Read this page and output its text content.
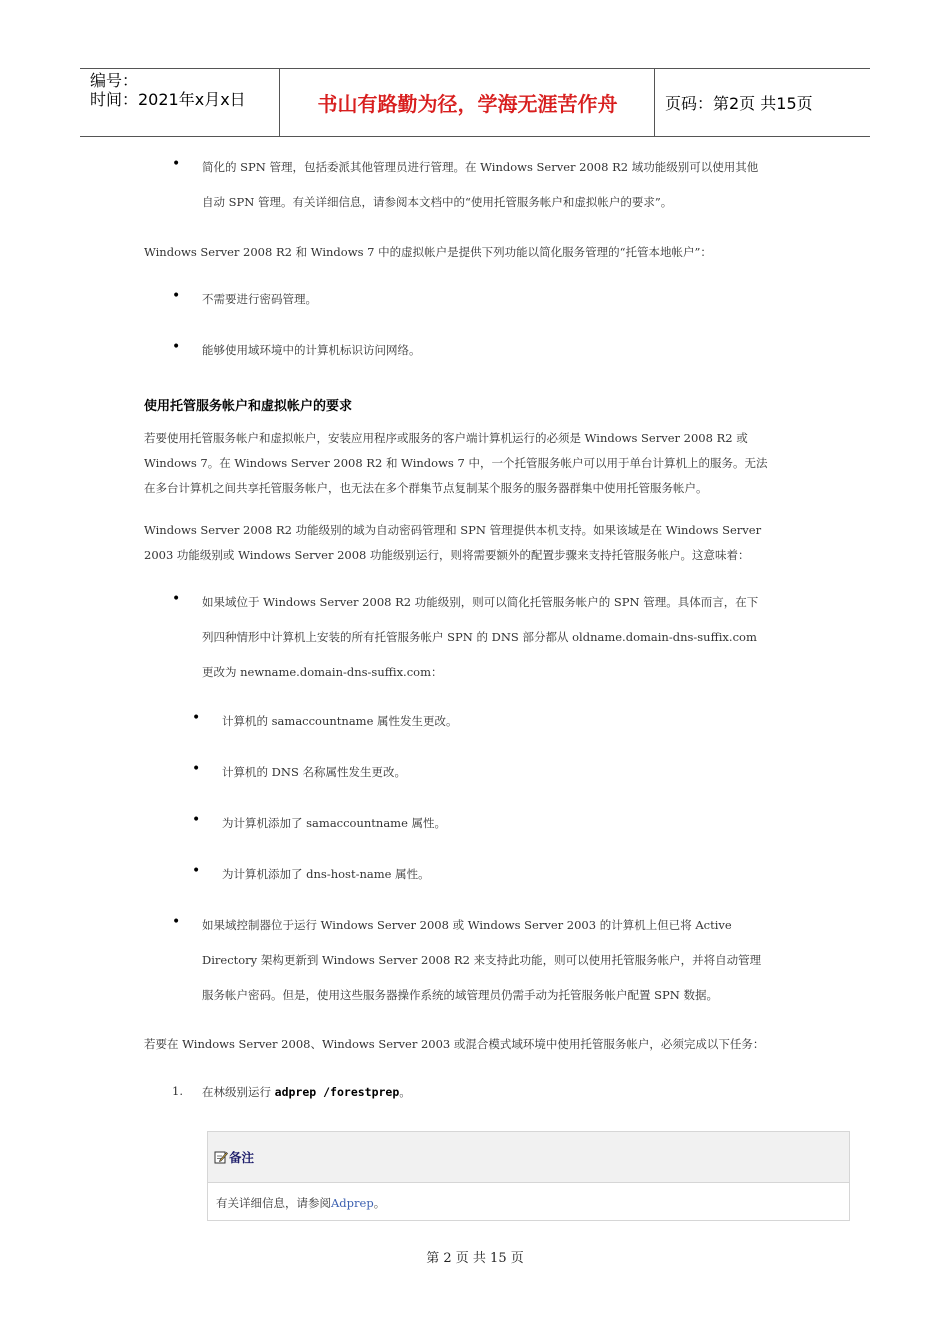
编号：
时间：2021年x月x日	书山有路勤为径，学海无涯苦作舟	页码：第2页 共15页
• 简化的 SPN 管理，包括委派其他管理员进行管理。在 Windows Server 2008 R2 域功能级别可以使用其他
自动 SPN 管理。有关详细信息，请参阅本文档中的“使用托管服务帐户和虚拟帐户的要求”。
Windows Server 2008 R2 和 Windows 7 中的虚拟帐户是提供下列功能以简化服务管理的“托管本地帐户”：
• 不需要进行密码管理。
• 能够使用域环境中的计算机标识访问网络。
使用托管服务帐户和虚拟帐户的要求
若要使用托管服务帐户和虚拟帐户，安装应用程序或服务的客户端计算机运行的必须是 Windows Server 2008 R2 或
Windows 7。在 Windows Server 2008 R2 和 Windows 7 中，一个托管服务帐户可以用于单台计算机上的服务。无法
在多台计算机之间共享托管服务帐户，也无法在多个群集节点复制某个服务的服务器群集中使用托管服务帐户。
Windows Server 2008 R2 功能级别的域为自动密码管理和 SPN 管理提供本机支持。如果该域是在 Windows Server
2003 功能级别或 Windows Server 2008 功能级别运行，则将需要额外的配置步骤来支持托管服务帐户。这意味着：
• 如果域位于 Windows Server 2008 R2 功能级别，则可以简化托管服务帐户的 SPN 管理。具体而言，在下
列四种情形中计算机上安装的所有托管服务帐户 SPN 的 DNS 部分都从 oldname.domain-dns-suffix.com
更改为 newname.domain-dns-suffix.com：
• 计算机的 samaccountname 属性发生更改。
• 计算机的 DNS 名称属性发生更改。
• 为计算机添加了 samaccountname 属性。
• 为计算机添加了 dns-host-name 属性。
• 如果域控制器位于运行 Windows Server 2008 或 Windows Server 2003 的计算机上但已将 Active
Directory 架构更新到 Windows Server 2008 R2 来支持此功能，则可以使用托管服务帐户，并将自动管理
服务帐户密码。但是，使用这些服务器操作系统的域管理员仍需手动为托管服务帐户配置 SPN 数据。
若要在 Windows Server 2008、Windows Server 2003 或混合模式域环境中使用托管服务帐户，必须完成以下任务：
1. 在林级别运行 adprep /forestprep。
备注
有关详细信息，请参阅 Adprep 。
第 2 页 共 15 页
